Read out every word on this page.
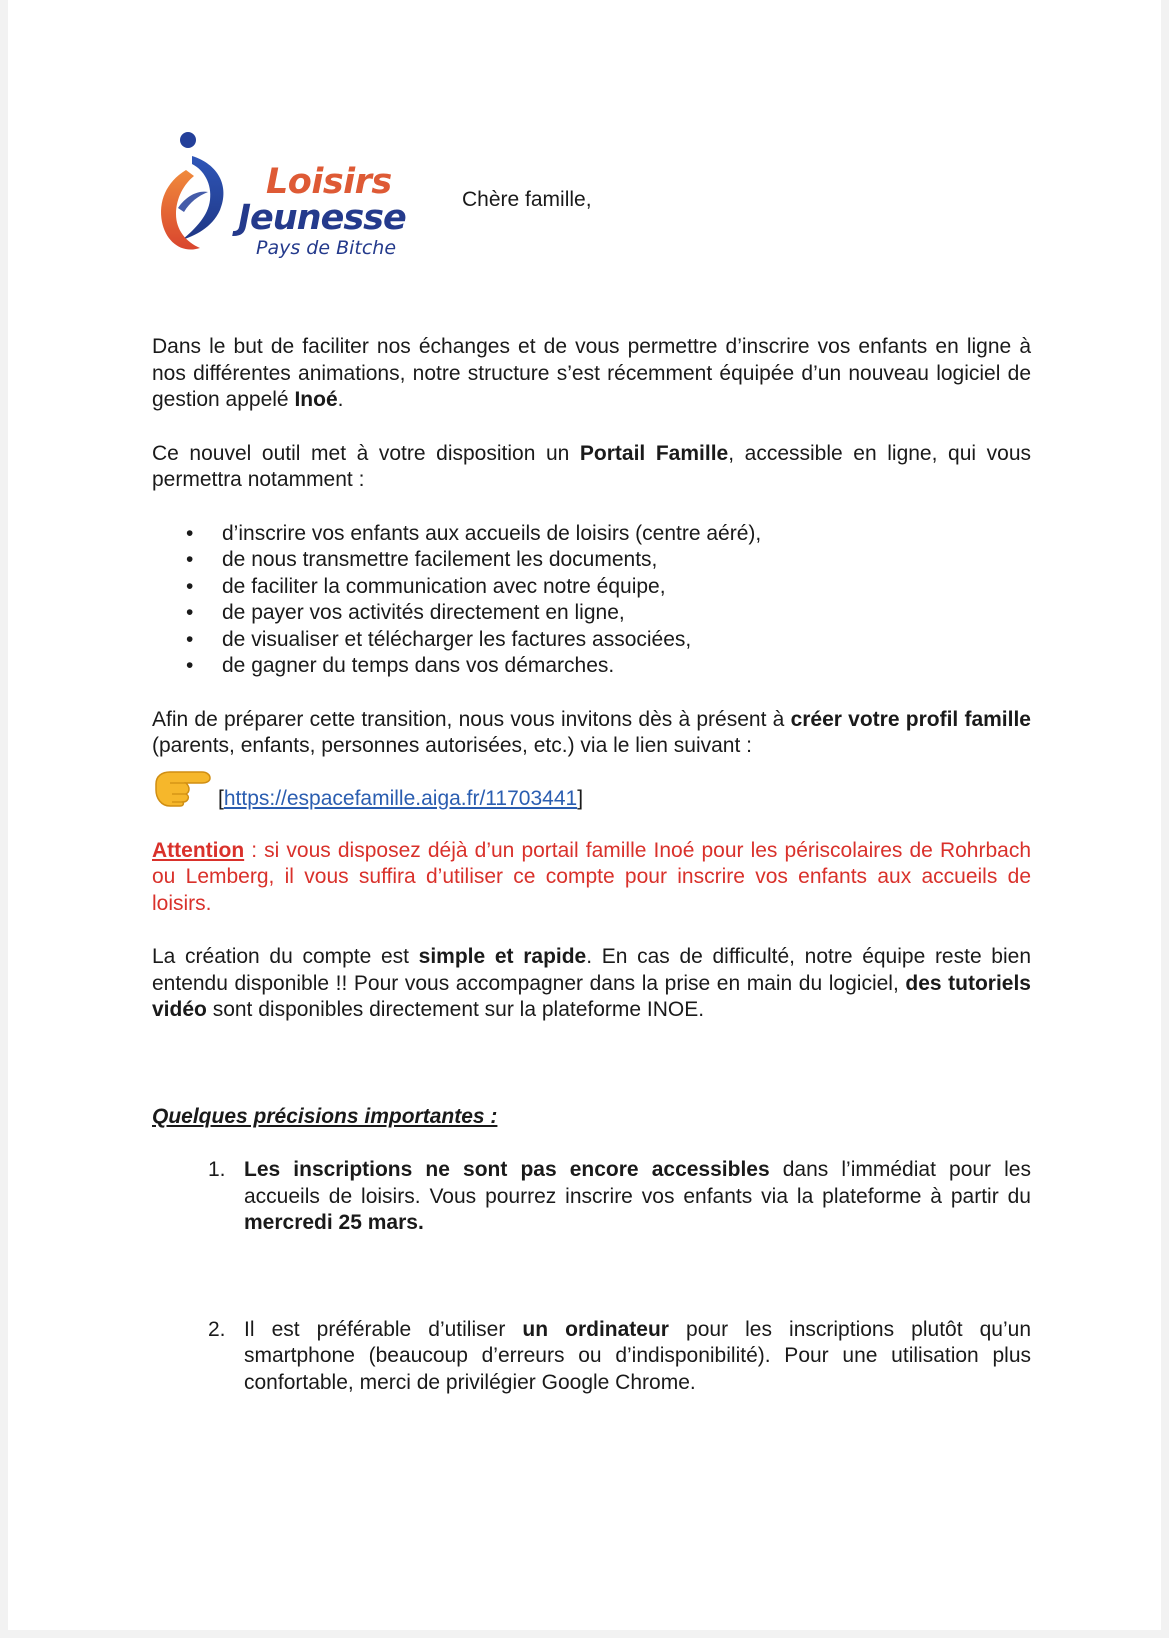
Loisirs
Jeunesse
Pays de Bitche
Chère famille,

Dans le but de faciliter nos échanges et de vous permettre d’inscrire vos enfants en ligne à nos différentes animations, notre structure s’est récemment équipée d’un nouveau logiciel de gestion appelé Inoé.

Ce nouvel outil met à votre disposition un Portail Famille, accessible en ligne, qui vous permettra notamment :

• d’inscrire vos enfants aux accueils de loisirs (centre aéré),
• de nous transmettre facilement les documents,
• de faciliter la communication avec notre équipe,
• de payer vos activités directement en ligne,
• de visualiser et télécharger les factures associées,
• de gagner du temps dans vos démarches.

Afin de préparer cette transition, nous vous invitons dès à présent à créer votre profil famille (parents, enfants, personnes autorisées, etc.) via le lien suivant :

[https://espacefamille.aiga.fr/11703441]

Attention : si vous disposez déjà d’un portail famille Inoé pour les périscolaires de Rohrbach ou Lemberg, il vous suffira d’utiliser ce compte pour inscrire vos enfants aux accueils de loisirs.

La création du compte est simple et rapide. En cas de difficulté, notre équipe reste bien entendu disponible !! Pour vous accompagner dans la prise en main du logiciel, des tutoriels vidéo sont disponibles directement sur la plateforme INOE.

Quelques précisions importantes :

1. Les inscriptions ne sont pas encore accessibles dans l’immédiat pour les accueils de loisirs. Vous pourrez inscrire vos enfants via la plateforme à partir du mercredi 25 mars.
2. Il est préférable d’utiliser un ordinateur pour les inscriptions plutôt qu’un smartphone (beaucoup d’erreurs ou d’indisponibilité). Pour une utilisation plus confortable, merci de privilégier Google Chrome.
